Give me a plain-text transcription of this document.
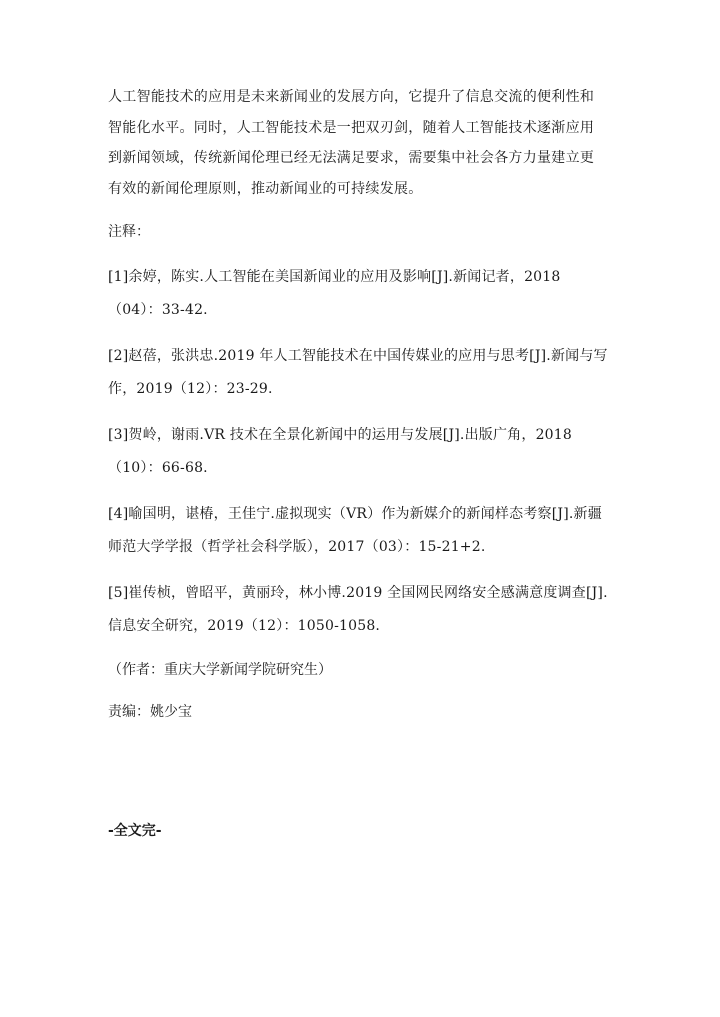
人工智能技术的应用是未来新闻业的发展方向，它提升了信息交流的便利性和智能化水平。同时，人工智能技术是一把双刃剑，随着人工智能技术逐渐应用到新闻领域，传统新闻伦理已经无法满足要求，需要集中社会各方力量建立更有效的新闻伦理原则，推动新闻业的可持续发展。

注释：

[1]余婷，陈实.人工智能在美国新闻业的应用及影响[J].新闻记者，2018（04）：33-42.

[2]赵蓓，张洪忠.2019 年人工智能技术在中国传媒业的应用与思考[J].新闻与写作，2019（12）：23-29.

[3]贺岭，谢雨.VR 技术在全景化新闻中的运用与发展[J].出版广角，2018（10）：66-68.

[4]喻国明，谌椿，王佳宁.虚拟现实（VR）作为新媒介的新闻样态考察[J].新疆师范大学学报（哲学社会科学版），2017（03）：15-21+2.

[5]崔传桢，曾昭平，黄丽玲，林小博.2019 全国网民网络安全感满意度调查[J].信息安全研究，2019（12）：1050-1058.

（作者：重庆大学新闻学院研究生）

责编：姚少宝

-全文完-
